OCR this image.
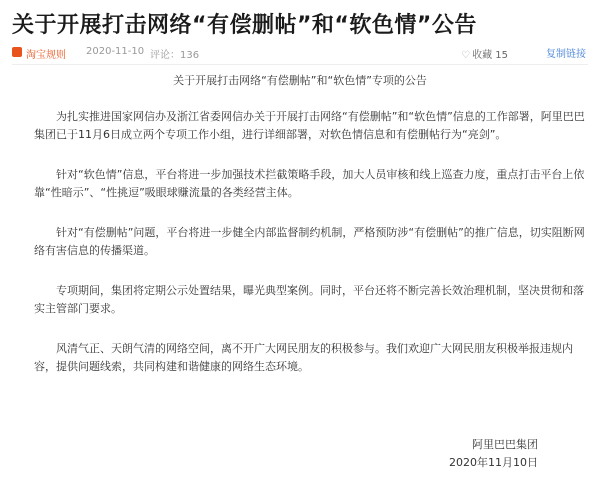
关于开展打击网络“有偿删帖”和“软色情”公告
淘宝规则 2020-11-10 评论：136	♡ 收藏 15	复制链接
关于开展打击网络“有偿删帖”和“软色情”专项的公告

为扎实推进国家网信办及浙江省委网信办关于开展打击网络“有偿删帖”和“软色情”信息的工作部署，阿里巴巴集团已于11月6日成立两个专项工作小组，进行详细部署，对软色情信息和有偿删帖行为“亮剑”。

针对“软色情”信息，平台将进一步加强技术拦截策略手段，加大人员审核和线上巡查力度，重点打击平台上依靠“性暗示”、“性挑逗”吸眼球赚流量的各类经营主体。

针对“有偿删帖”问题，平台将进一步健全内部监督制约机制，严格预防涉“有偿删帖”的推广信息，切实阻断网络有害信息的传播渠道。

专项期间，集团将定期公示处置结果，曝光典型案例。同时，平台还将不断完善长效治理机制，坚决贯彻和落实主管部门要求。

风清气正、天朗气清的网络空间，离不开广大网民朋友的积极参与。我们欢迎广大网民朋友积极举报违规内容，提供问题线索，共同构建和谐健康的网络生态环境。

阿里巴巴集团
2020年11月10日
